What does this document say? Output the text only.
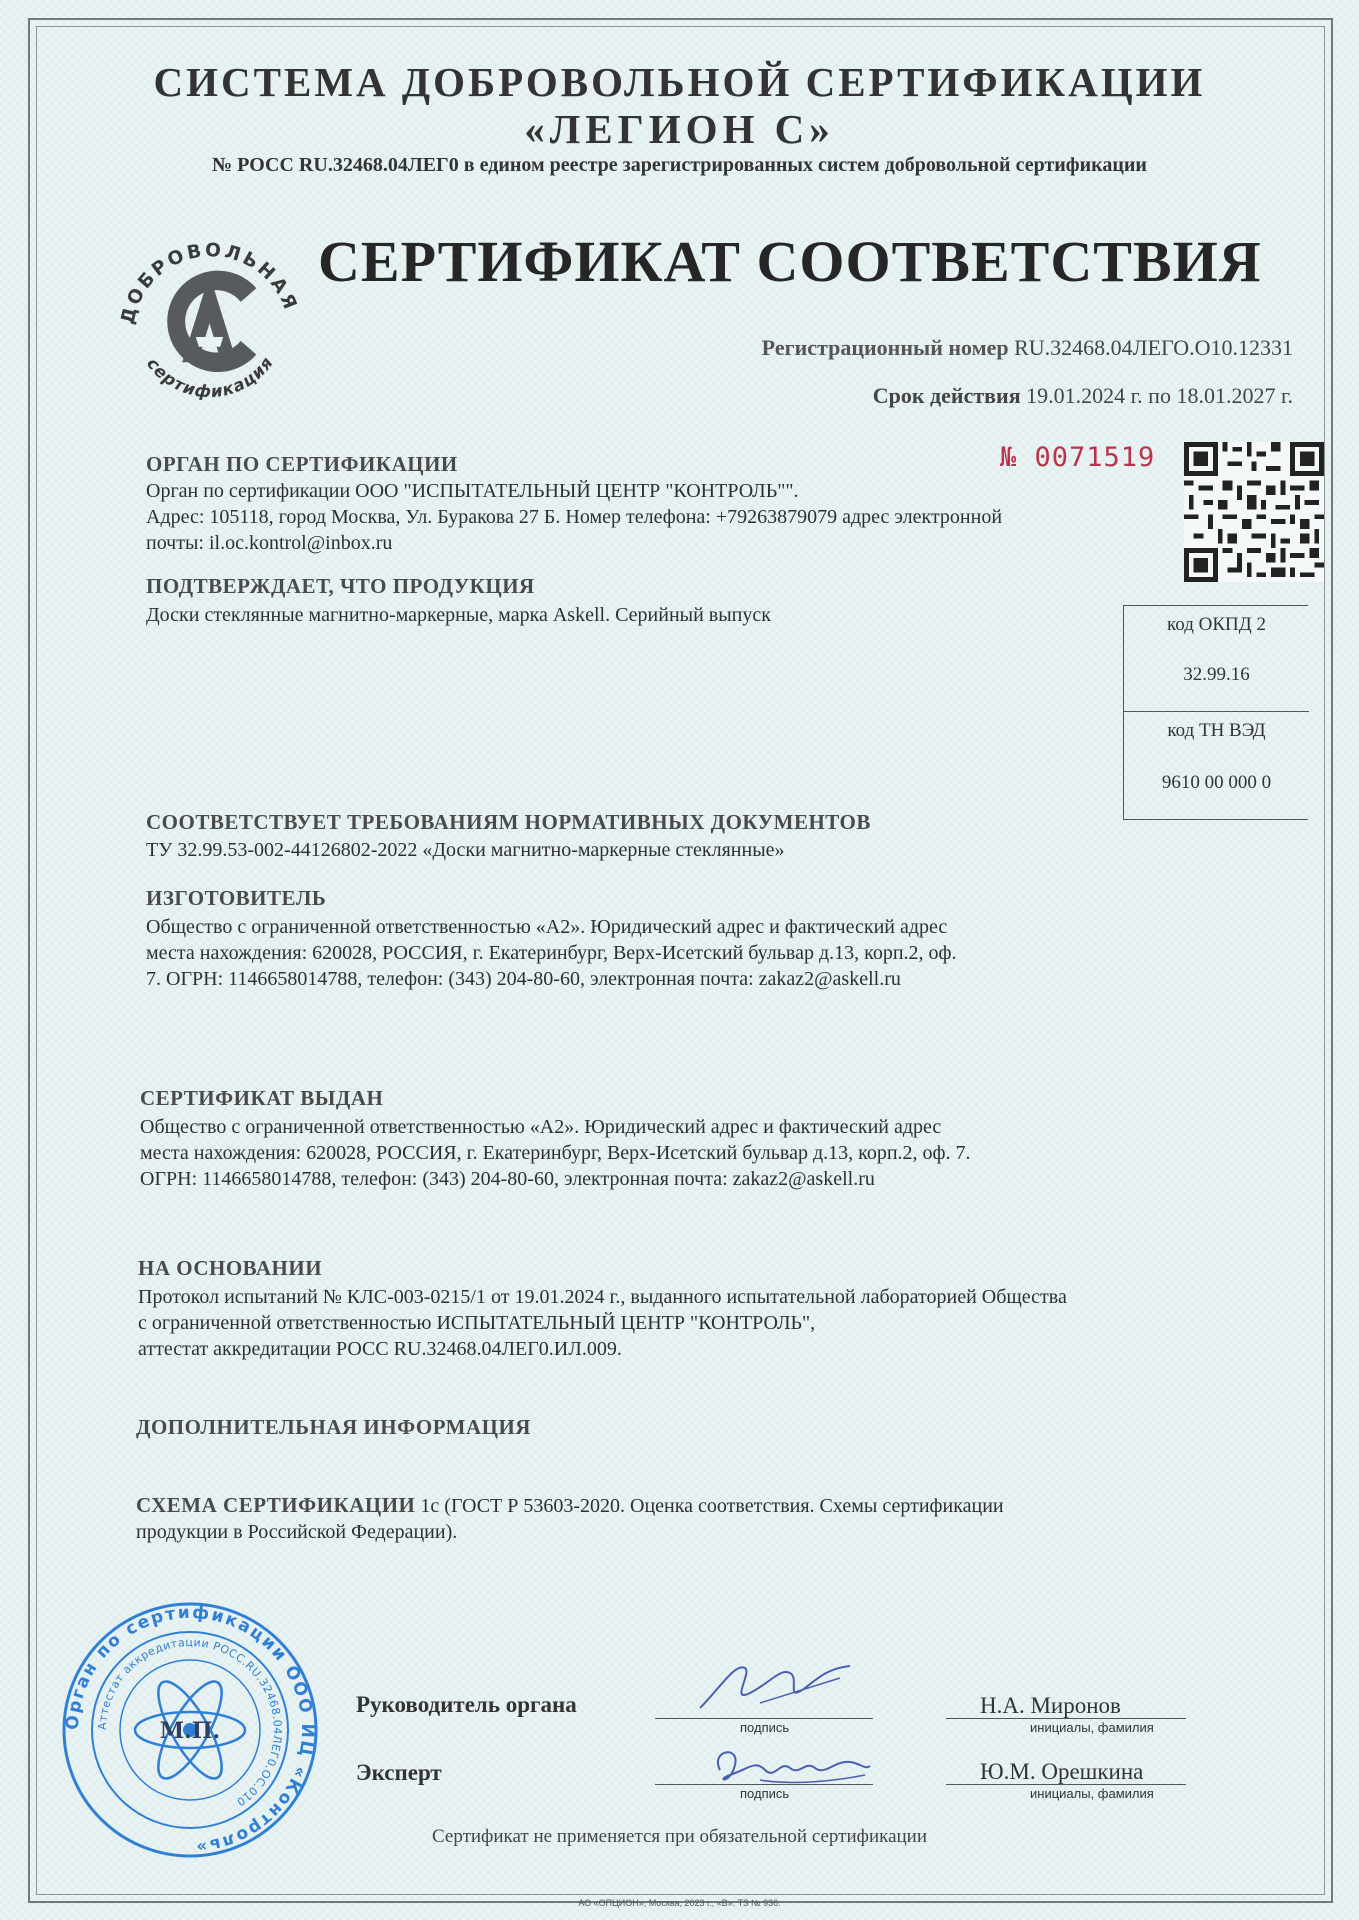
СИСТЕМА ДОБРОВОЛЬНОЙ СЕРТИФИКАЦИИ
«ЛЕГИОН С»
№ РОСС RU.32468.04ЛЕГ0 в едином реестре зарегистрированных систем добровольной сертификации
ДОБРОВОЛЬНАЯ
сертификация
СЕРТИФИКАТ СООТВЕТСТВИЯ
Регистрационный номер RU.32468.04ЛЕГО.О10.12331
Срок действия 19.01.2024 г. по 18.01.2027 г.
№ 0071519
ОРГАН ПО СЕРТИФИКАЦИИ
Орган по сертификации ООО "ИСПЫТАТЕЛЬНЫЙ ЦЕНТР "КОНТРОЛЬ"".
Адрес: 105118, город Москва, Ул. Буракова 27 Б. Номер телефона: +79263879079 адрес электронной
почты: il.oc.kontrol@inbox.ru
ПОДТВЕРЖДАЕТ, ЧТО ПРОДУКЦИЯ
Доски стеклянные магнитно-маркерные, марка Askell. Серийный выпуск	код ОКПД 2
32.99.16
код ТН ВЭД
9610 00 000 0
СООТВЕТСТВУЕТ ТРЕБОВАНИЯМ НОРМАТИВНЫХ ДОКУМЕНТОВ
ТУ 32.99.53-002-44126802-2022 «Доски магнитно-маркерные стеклянные»
ИЗГОТОВИТЕЛЬ
Общество с ограниченной ответственностью «А2». Юридический адрес и фактический адрес
места нахождения: 620028, РОССИЯ, г. Екатеринбург, Верх-Исетский бульвар д.13, корп.2, оф.
7. ОГРН: 1146658014788, телефон: (343) 204-80-60, электронная почта: zakaz2@askell.ru
СЕРТИФИКАТ ВЫДАН
Общество с ограниченной ответственностью «А2». Юридический адрес и фактический адрес
места нахождения: 620028, РОССИЯ, г. Екатеринбург, Верх-Исетский бульвар д.13, корп.2, оф. 7.
ОГРН: 1146658014788, телефон: (343) 204-80-60, электронная почта: zakaz2@askell.ru
НА ОСНОВАНИИ
Протокол испытаний № КЛС-003-0215/1 от 19.01.2024 г., выданного испытательной лабораторией Общества
с ограниченной ответственностью ИСПЫТАТЕЛЬНЫЙ ЦЕНТР "КОНТРОЛЬ",
аттестат аккредитации РОСС RU.32468.04ЛЕГ0.ИЛ.009.
ДОПОЛНИТЕЛЬНАЯ ИНФОРМАЦИЯ
СХЕМА СЕРТИФИКАЦИИ 1с (ГОСТ Р 53603-2020. Оценка соответствия. Схемы сертификации
продукции в Российской Федерации).
Орган по сертификации ООО ИЦ «Контроль»
Аттестат аккредитации РОСС.RU.32468.04ЛЕГ0.ОС.010
М.П.
Руководитель органа
подпись
Н.А. Миронов
инициалы, фамилия
Эксперт
подпись
Ю.М. Орешкина
инициалы, фамилия
Сертификат не применяется при обязательной сертификации
АО «ОПЦИОН», Москва, 2023 г., «В». ТЗ № 936.
